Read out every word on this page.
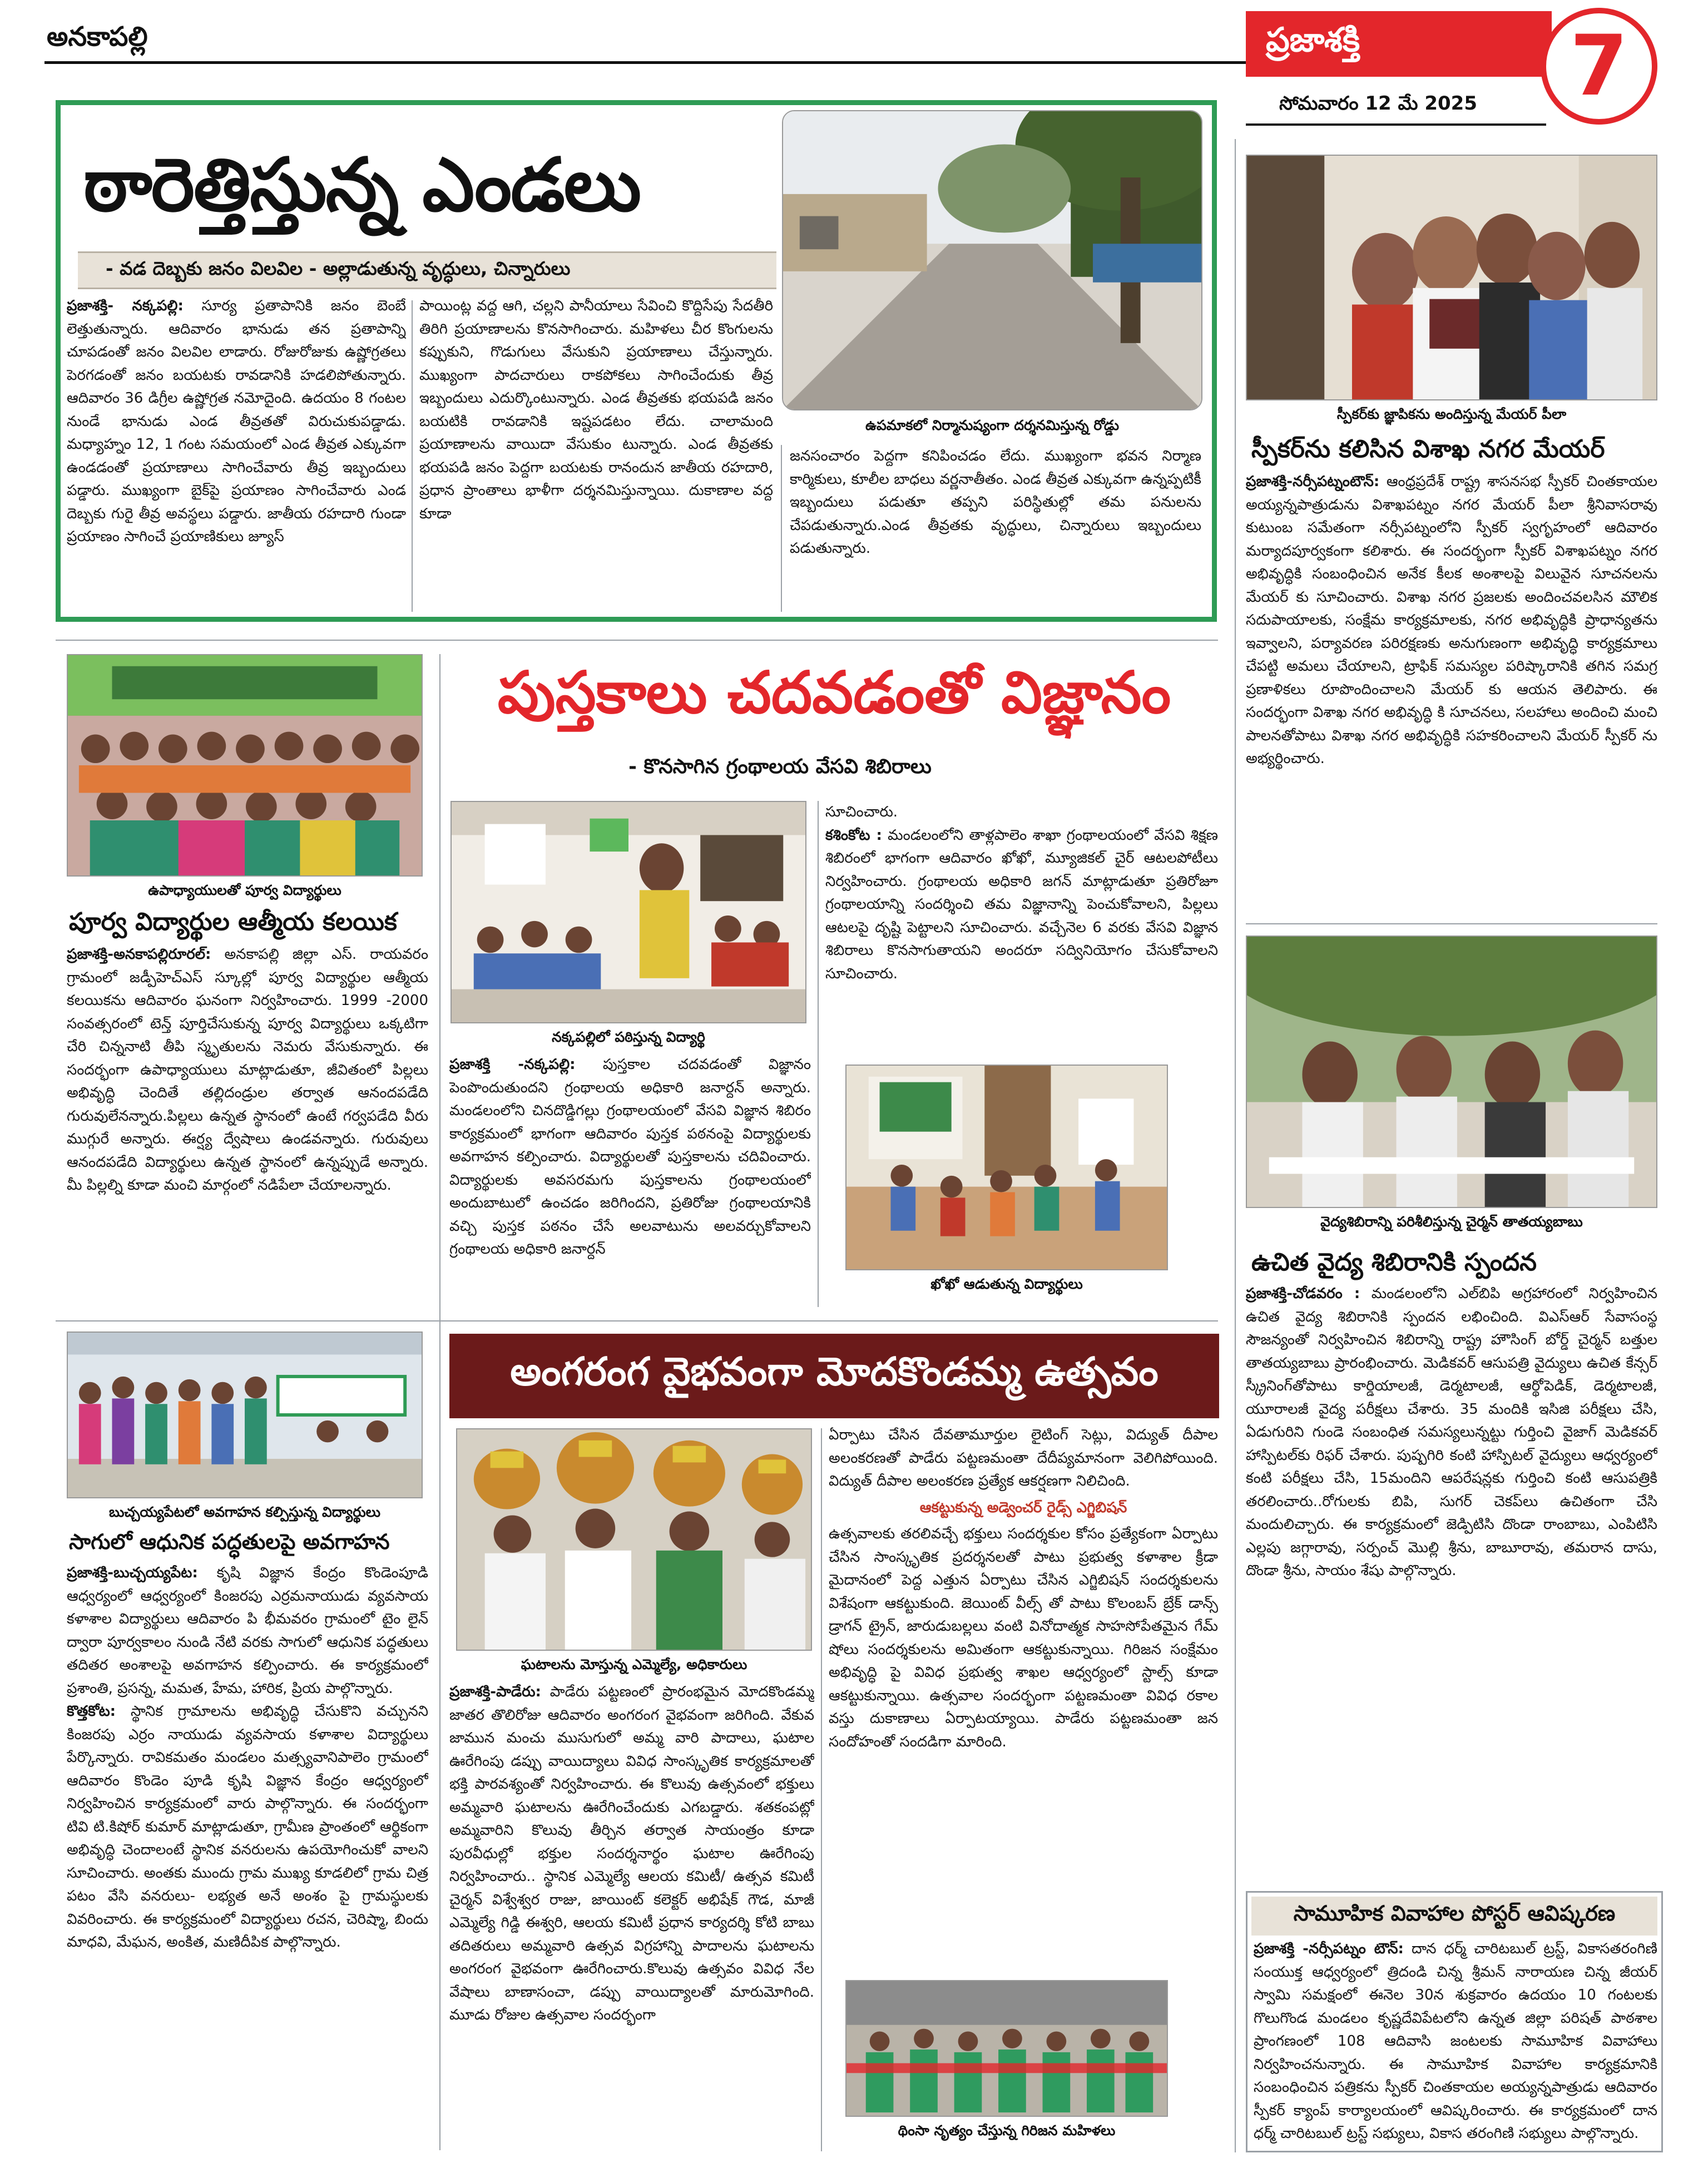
అనకాపల్లి	ప్రజాశక్తి	7
సోమవారం 12 మే 2025
ఠారెత్తిస్తున్న ఎండలు
ఉపమాకలో నిర్మానుష్యంగా దర్శనమిస్తున్న రోడ్డు
- వడ దెబ్బకు జనం విలవిల - అల్లాడుతున్న వృద్ధులు, చిన్నారులు
ప్రజాశక్తి- నక్కపల్లి: సూర్య ప్రతాపానికి జనం బెంబే లెత్తుతున్నారు. ఆదివారం భానుడు తన ప్రతాపాన్ని చూపడంతో జనం విలవిల లాడారు. రోజురోజుకు ఉష్ణోగ్రతలు పెరగడంతో జనం బయటకు రావడానికి హడలిపోతున్నారు. ఆదివారం 36 డిగ్రీల ఉష్ణోగ్రత నమోదైంది. ఉదయం 8 గంటల నుండే భానుడు ఎండ తీవ్రతతో విరుచుకుపడ్డాడు. మధ్యాహ్నం 12, 1 గంట సమయంలో ఎండ తీవ్రత ఎక్కువగా ఉండడంతో ప్రయాణాలు సాగించేవారు తీవ్ర ఇబ్బందులు పడ్డారు. ముఖ్యంగా బైక్‌పై ప్రయాణం సాగించేవారు ఎండ దెబ్బకు గురై తీవ్ర అవస్థలు పడ్డారు. జాతీయ రహదారి గుండా ప్రయాణం సాగించే ప్రయాణికులు జ్యూస్
పాయింట్ల వద్ద ఆగి, చల్లని పానీయాలు సేవించి కొద్దిసేపు సేదతీరి తిరిగి ప్రయాణాలను కొనసాగించారు. మహిళలు చీర కొంగులను కప్పుకుని, గొడుగులు వేసుకుని ప్రయాణాలు చేస్తున్నారు. ముఖ్యంగా పాదచారులు రాకపోకలు సాగించేందుకు తీవ్ర ఇబ్బందులు ఎదుర్కొంటున్నారు. ఎండ తీవ్రతకు భయపడి జనం బయటికి రావడానికి ఇష్టపడటం లేదు. చాలామంది ప్రయాణాలను వాయిదా వేసుకుం టున్నారు. ఎండ తీవ్రతకు భయపడి జనం పెద్దగా బయటకు రానందున జాతీయ రహదారి, ప్రధాన ప్రాంతాలు భాళీగా దర్శనమిస్తున్నాయి. దుకాణాల వద్ద కూడా
జనసంచారం పెద్దగా కనిపించడం లేదు. ముఖ్యంగా భవన నిర్మాణ కార్మికులు, కూలీల బాధలు వర్ణనాతీతం. ఎండ తీవ్రత ఎక్కువగా ఉన్నప్పటికీ ఇబ్బందులు పడుతూ తప్పని పరిస్థితుల్లో తమ పనులను చేపడుతున్నారు.ఎండ తీవ్రతకు వృద్ధులు, చిన్నారులు ఇబ్బందులు పడుతున్నారు.
స్పీకర్‌కు జ్ఞాపికను అందిస్తున్న మేయర్ పీలా
స్పీకర్‌ను కలిసిన విశాఖ నగర మేయర్
ప్రజాశక్తి-నర్సీపట్నంటౌన్: ఆంధ్రప్రదేశ్ రాష్ట్ర శాసనసభ స్పీకర్ చింతకాయల అయ్యన్నపాత్రుడును విశాఖపట్నం నగర మేయర్ పీలా శ్రీనివాసరావు కుటుంబ సమేతంగా నర్సీపట్నంలోని స్పీకర్ స్వగృహంలో ఆదివారం మర్యాదపూర్వకంగా కలిశారు. ఈ సందర్భంగా స్పీకర్ విశాఖపట్నం నగర అభివృద్ధికి సంబంధించిన అనేక కీలక అంశాలపై విలువైన సూచనలను మేయర్ కు సూచించారు. విశాఖ నగర ప్రజలకు అందించవలసిన మౌలిక సదుపాయాలకు, సంక్షేమ కార్యక్రమాలకు, నగర అభివృద్ధికి ప్రాధాన్యతను ఇవ్వాలని, పర్యావరణ పరిరక్షణకు అనుగుణంగా అభివృద్ధి కార్యక్రమాలు చేపట్టి అమలు చేయాలని, ట్రాఫిక్ సమస్యల పరిష్కారానికి తగిన సమగ్ర ప్రణాళికలు రూపొందించాలని మేయర్ కు ఆయన తెలిపారు. ఈ సందర్భంగా విశాఖ నగర అభివృద్ధి కి సూచనలు, సలహాలు అందించి మంచి పాలనతోపాటు విశాఖ నగర అభివృద్ధికి సహకరించాలని మేయర్ స్పీకర్ ను అభ్యర్థించారు.
వైద్యశిబిరాన్ని పరిశీలిస్తున్న చైర్మన్ తాతయ్యబాబు
ఉచిత వైద్య శిబిరానికి స్పందన
ప్రజాశక్తి-చోడవరం : మండలంలోని ఎల్‌బిపి అగ్రహారంలో నిర్వహించిన ఉచిత వైద్య శిబిరానికి స్పందన లభించింది. విఎస్ఆర్ సేవాసంస్థ సౌజన్యంతో నిర్వహించిన శిబిరాన్ని రాష్ట్ర హౌసింగ్ బోర్డ్ చైర్మన్ బత్తుల తాతయ్యబాబు ప్రారంభించారు. మెడికవర్ ఆసుపత్రి వైద్యులు ఉచిత కేన్సర్ స్క్రీనింగ్‌తోపాటు కార్డియాలజీ, డెర్మటాలజీ, ఆర్థోపెడిక్, డెర్మటాలజీ, యూరాలజీ వైద్య పరీక్షలు చేశారు. 35 మందికి ఇసిజి పరీక్షలు చేసి, ఏడుగురిని గుండె సంబంధిత సమస్యలున్నట్టు గుర్తించి వైజాగ్ మెడికవర్ హాస్పిటల్‌కు రిఫర్ చేశారు. పుష్పగిరి కంటి హాస్పిటల్ వైద్యులు ఆధ్వర్యంలో కంటి పరీక్షలు చేసి, 15మందిని ఆపరేషన్లకు గుర్తించి కంటి ఆసుపత్రికి తరలించారు..రోగులకు బిపి, సుగర్ చెకప్‌లు ఉచితంగా చేసి మందులిచ్చారు. ఈ కార్యక్రమంలో జెడ్పిటిసి దొండా రాంబాబు, ఎంపిటిసి ఎల్లపు జగ్గారావు, సర్పంచ్ మొల్లి శ్రీను, బాబూరావు, తమరాన దాసు, దొండా శ్రీను, సాయం శేషు పాల్గొన్నారు.
సామూహిక వివాహాల పోస్టర్ ఆవిష్కరణ
ప్రజాశక్తి -నర్సీపట్నం టౌన్: దాన ధర్మ్ చారిటబుల్ ట్రస్ట్, వికాసతరంగిణి సంయుక్త ఆధ్వర్యంలో త్రిదండి చిన్న శ్రీమన్ నారాయణ చిన్న జీయర్ స్వామి సమక్షంలో ఈనెల 30న శుక్రవారం ఉదయం 10 గంటలకు గొలుగొండ మండలం కృష్ణదేవిపేటలోని ఉన్నత జిల్లా పరిషత్ పాఠశాల ప్రాంగణంలో 108 ఆదివాసి జంటలకు సామూహిక వివాహాలు నిర్వహించనున్నారు. ఈ సామూహిక వివాహాల కార్యక్రమానికి సంబంధించిన పత్రికను స్పీకర్ చింతకాయల అయ్యన్నపాత్రుడు ఆదివారం స్పీకర్ క్యాంప్ కార్యాలయంలో ఆవిష్కరించారు. ఈ కార్యక్రమంలో దాన ధర్మ్ చారిటబుల్ ట్రస్ట్ సభ్యులు, వికాస తరంగిణి సభ్యులు పాల్గొన్నారు.
ఉపాధ్యాయులతో పూర్వ విద్యార్థులు
పూర్వ విద్యార్థుల ఆత్మీయ కలయిక
ప్రజాశక్తి-అనకాపల్లిరూరల్: అనకాపల్లి జిల్లా ఎస్. రాయవరం గ్రామంలో జడ్పీహెచ్ఎస్ స్కూల్లో పూర్వ విద్యార్థుల ఆత్మీయ కలయికను ఆదివారం ఘనంగా నిర్వహించారు. 1999 -2000 సంవత్సరంలో టెన్త్ పూర్తిచేసుకున్న పూర్వ విద్యార్థులు ఒక్కటిగా చేరి చిన్ననాటి తీపి స్మృతులను నెమరు వేసుకున్నారు. ఈ సందర్భంగా ఉపాధ్యాయులు మాట్లాడుతూ, జీవితంలో పిల్లలు అభివృద్ధి చెందితే తల్లిదండ్రుల తర్వాత ఆనందపడేది గురువులేనన్నారు.పిల్లలు ఉన్నత స్థానంలో ఉంటే గర్వపడేది వీరు ముగ్గురే అన్నారు. ఈర్ష్య ద్వేషాలు ఉండవన్నారు. గురువులు ఆనందపడేది విద్యార్థులు ఉన్నత స్థానంలో ఉన్నప్పుడే అన్నారు. మీ పిల్లల్ని కూడా మంచి మార్గంలో నడిపేలా చేయాలన్నారు.
పుస్తకాలు చదవడంతో విజ్ఞానం
- కొనసాగిన గ్రంథాలయ వేసవి శిబిరాలు
నక్కపల్లిలో పఠిస్తున్న విద్యార్థి
ప్రజాశక్తి -నక్కపల్లి: పుస్తకాల చదవడంతో విజ్ఞానం పెంపొందుతుందని గ్రంథాలయ అధికారి జనార్దన్ అన్నారు. మండలంలోని చినదొడ్డిగల్లు గ్రంథాలయంలో వేసవి విజ్ఞాన శిబిరం కార్యక్రమంలో భాగంగా ఆదివారం పుస్తక పఠనంపై విద్యార్థులకు అవగాహన కల్పించారు. విద్యార్థులతో పుస్తకాలను చదివించారు. విద్యార్థులకు అవసరమగు పుస్తకాలను గ్రంథాలయంలో అందుబాటులో ఉంచడం జరిగిందని, ప్రతిరోజు గ్రంథాలయానికి వచ్చి పుస్తక పఠనం చేసే అలవాటును అలవర్చుకోవాలని గ్రంథాలయ అధికారి జనార్దన్
సూచించారు.
కశింకోట : మండలంలోని తాళ్లపాలెం శాఖా గ్రంథాలయంలో వేసవి శిక్షణ శిబిరంలో భాగంగా ఆదివారం ఖోఖో, మ్యూజికల్ చైర్ ఆటలపోటీలు నిర్వహించారు. గ్రంథాలయ అధికారి జగన్ మాట్లాడుతూ ప్రతిరోజూ గ్రంథాలయాన్ని సందర్శించి తమ విజ్ఞానాన్ని పెంచుకోవాలని, పిల్లలు ఆటలపై దృష్టి పెట్టాలని సూచించారు. వచ్చేనెల 6 వరకు వేసవి విజ్ఞాన శిబిరాలు కొనసాగుతాయని అందరూ సద్వినియోగం చేసుకోవాలని సూచించారు.
ఖోఖో ఆడుతున్న విద్యార్థులు
బుచ్చయ్యపేటలో అవగాహన కల్పిస్తున్న విద్యార్థులు
సాగులో ఆధునిక పద్ధతులపై అవగాహన
ప్రజాశక్తి-బుచ్చయ్యపేట: కృషి విజ్ఞాన కేంద్రం కొండెంపూడి ఆధ్వర్యంలో ఆధ్వర్యంలో కింజరపు ఎర్రమనాయుడు వ్యవసాయ కళాశాల విద్యార్థులు ఆదివారం పి భీమవరం గ్రామంలో టైం లైన్ ద్వారా పూర్వకాలం నుండి నేటి వరకు సాగులో ఆధునిక పద్ధతులు తదితర అంశాలపై అవగాహన కల్పించారు. ఈ కార్యక్రమంలో ప్రశాంతి, ప్రసన్న, మమత, హేమ, హారిక, ప్రియ పాల్గొన్నారు.
కొత్తకోట: స్థానిక గ్రామాలను అభివృద్ధి చేసుకొని వచ్చునని కింజరపు ఎర్రం నాయుడు వ్యవసాయ కళాశాల విద్యార్థులు పేర్కొన్నారు. రావికమతం మండలం మత్స్యవానిపాలెం గ్రామంలో ఆదివారం కొండెం పూడి కృషి విజ్ఞాన కేంద్రం ఆధ్వర్యంలో నిర్వహించిన కార్యక్రమంలో వారు పాల్గొన్నారు. ఈ సందర్భంగా టివి టి.కిషోర్ కుమార్ మాట్లాడుతూ, గ్రామీణ ప్రాంతంలో ఆర్థికంగా అభివృద్ధి చెందాలంటే స్థానిక వనరులను ఉపయోగించుకో వాలని సూచించారు. అంతకు ముందు గ్రామ ముఖ్య కూడలిలో గ్రామ చిత్ర పటం వేసి వనరులు- లభ్యత అనే అంశం పై గ్రామస్థులకు వివరించారు. ఈ కార్యక్రమంలో విద్యార్థులు రచన, చెరిష్మా, బిందు మాధవి, మేఘన, అంకిత, మణిదీపిక పాల్గొన్నారు.
అంగరంగ వైభవంగా మోదకొండమ్మ ఉత్సవం
ఘటాలను మోస్తున్న ఎమ్మెల్యే, అధికారులు
ప్రజాశక్తి-పాడేరు: పాడేరు పట్టణంలో ప్రారంభమైన మోదకొండమ్మ జాతర తొలిరోజు ఆదివారం అంగరంగ వైభవంగా జరిగింది. వేకువ జామున మంచు ముసుగులో అమ్మ వారి పాదాలు, ఘటాల ఊరేగింపు డప్పు వాయిద్యాలు వివిధ సాంస్కృతిక కార్యక్రమాలతో భక్తి పారవశ్యంతో నిర్వహించారు. ఈ కొలువు ఉత్సవంలో భక్తులు అమ్మవారి ఘటాలను ఊరేగించేందుకు ఎగబడ్డారు. శతకంపట్లో అమ్మవారిని కొలువు తీర్చిన తర్వాత సాయంత్రం కూడా పురవీధుల్లో భక్తుల సందర్శనార్థం ఘటాల ఊరేగింపు నిర్వహించారు.. స్థానిక ఎమ్మెల్యే ఆలయ కమిటీ/ ఉత్సవ కమిటీ చైర్మన్ విశ్వేశ్వర రాజు, జాయింట్ కలెక్టర్ అభిషేక్ గౌడ, మాజీ ఎమ్మెల్యే గిడ్డి ఈశ్వరి, ఆలయ కమిటీ ప్రధాన కార్యదర్శి కోటి బాబు తదితరులు అమ్మవారి ఉత్సవ విగ్రహాన్ని పాదాలను ఘటాలను అంగరంగ వైభవంగా ఊరేగించారు.కొలువు ఉత్సవం వివిధ నేల వేషాలు బాణాసంచా, డప్పు వాయిద్యాలతో మారుమోగింది. మూడు రోజుల ఉత్సవాల సందర్భంగా
ఏర్పాటు చేసిన దేవతామూర్తుల లైటింగ్ సెట్లు, విద్యుత్ దీపాల అలంకరణతో పాడేరు పట్టణమంతా దేదీప్యమానంగా వెలిగిపోయింది. విద్యుత్ దీపాల అలంకరణ ప్రత్యేక ఆకర్షణగా నిలిచింది.
ఆకట్టుకున్న అడ్వెంచర్ రైడ్స్ ఎగ్జిబిషన్
ఉత్సవాలకు తరలివచ్చే భక్తులు సందర్శకుల కోసం ప్రత్యేకంగా ఏర్పాటు చేసిన సాంస్కృతిక ప్రదర్శనలతో పాటు ప్రభుత్వ కళాశాల క్రీడా మైదానంలో పెద్ద ఎత్తున ఏర్పాటు చేసిన ఎగ్జిబిషన్ సందర్శకులను విశేషంగా ఆకట్టుకుంది. జెయింట్ వీల్స్ తో పాటు కొలంబస్ బ్రేక్ డాన్స్ డ్రాగన్ ట్రైన్, జారుడుబల్లలు వంటి వినోదాత్మక సాహసోపేతమైన గేమ్ షోలు సందర్శకులను అమితంగా ఆకట్టుకున్నాయి. గిరిజన సంక్షేమం అభివృద్ధి పై వివిధ ప్రభుత్వ శాఖల ఆధ్వర్యంలో స్టాల్స్ కూడా ఆకట్టుకున్నాయి. ఉత్సవాల సందర్భంగా పట్టణమంతా వివిధ రకాల వస్తు దుకాణాలు ఏర్పాటయ్యాయి. పాడేరు పట్టణమంతా జన సందోహంతో సందడిగా మారింది.
థింసా నృత్యం చేస్తున్న గిరిజన మహిళలు
